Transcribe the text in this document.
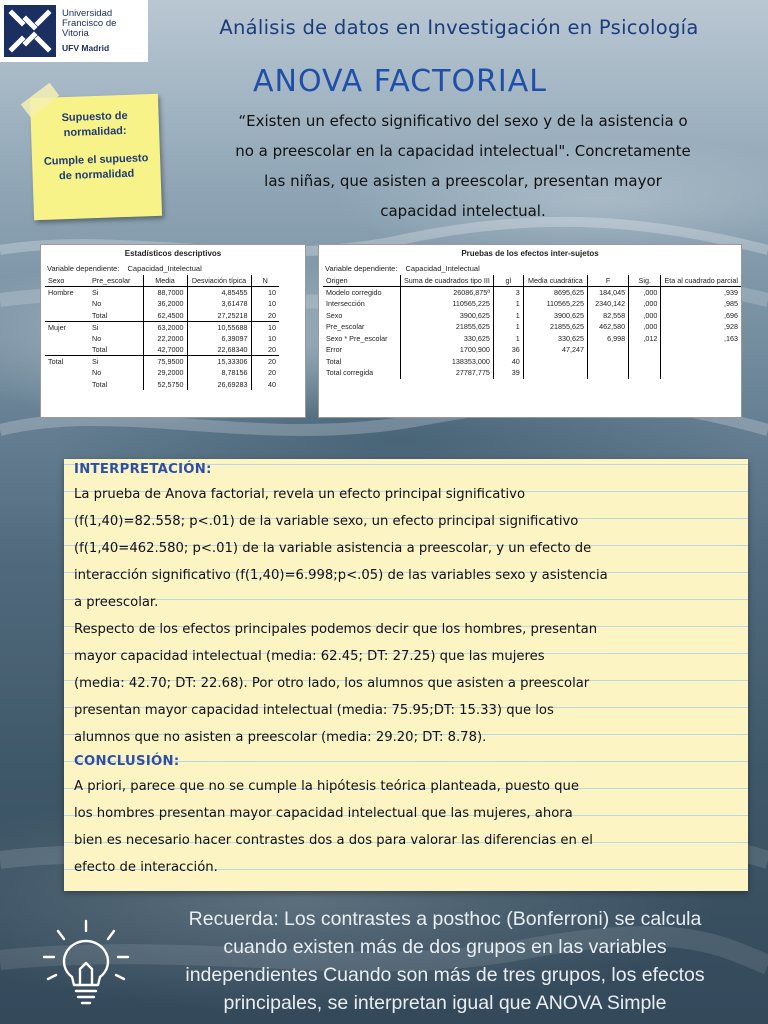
Universidad
Francisco de
Vitoria
UFV Madrid
Análisis de datos en Investigación en Psicología
ANOVA FACTORIAL

Supuesto de normalidad:

Cumple el supuesto de normalidad

“Existen un efecto significativo del sexo y de la asistencia o
no a preescolar en la capacidad intelectual". Concretamente
las niñas, que asisten a preescolar, presentan mayor
capacidad intelectual.
Estadísticos descriptivos
Variable dependiente: Capacidad_Intelectual
Sexo	Pre_escolar	Media	Desviación típica	N
Hombre	Si	88,7000	4,85455	10
	No	36,2000	3,61478	10
	Total	62,4500	27,25218	20
Mujer	Si	63,2000	10,55688	10
	No	22,2000	6,39097	10
	Total	42,7000	22,68340	20
Total	Si	75,9500	15,33306	20
	No	29,2000	8,78156	20
	Total	52,5750	26,69283	40
Pruebas de los efectos inter-sujetos
Variable dependiente: Capacidad_Intelectual
Origen	Suma de cuadrados tipo III	gl	Media cuadrática	F	Sig.	Eta al cuadrado parcial
Modelo corregido	26086,875ª	3	8695,625	184,045	,000	,939
Intersección	110565,225	1	110565,225	2340,142	,000	,985
Sexo	3900,625	1	3900,625	82,558	,000	,696
Pre_escolar	21855,625	1	21855,625	462,580	,000	,928
Sexo * Pre_escolar	330,625	1	330,625	6,998	,012	,163
Error	1700,900	36	47,247			
Total	138353,000	40				
Total corregida	27787,775	39				
INTERPRETACIÓN:
La prueba de Anova factorial, revela un efecto principal significativo
(f(1,40)=82.558; p<.01) de la variable sexo, un efecto principal significativo
(f(1,40=462.580; p<.01) de la variable asistencia a preescolar, y un efecto de
interacción significativo (f(1,40)=6.998;p<.05) de las variables sexo y asistencia
a preescolar.
Respecto de los efectos principales podemos decir que los hombres, presentan
mayor capacidad intelectual (media: 62.45; DT: 27.25) que las mujeres
(media: 42.70; DT: 22.68). Por otro lado, los alumnos que asisten a preescolar
presentan mayor capacidad intelectual (media: 75.95;DT: 15.33) que los
alumnos que no asisten a preescolar (media: 29.20; DT: 8.78).
CONCLUSIÓN:
A priori, parece que no se cumple la hipótesis teórica planteada, puesto que
los hombres presentan mayor capacidad intelectual que las mujeres, ahora
bien es necesario hacer contrastes dos a dos para valorar las diferencias en el
efecto de interacción.
Recuerda: Los contrastes a posthoc (Bonferroni) se calcula
cuando existen más de dos grupos en las variables
independientes Cuando son más de tres grupos, los efectos
principales, se interpretan igual que ANOVA Simple
